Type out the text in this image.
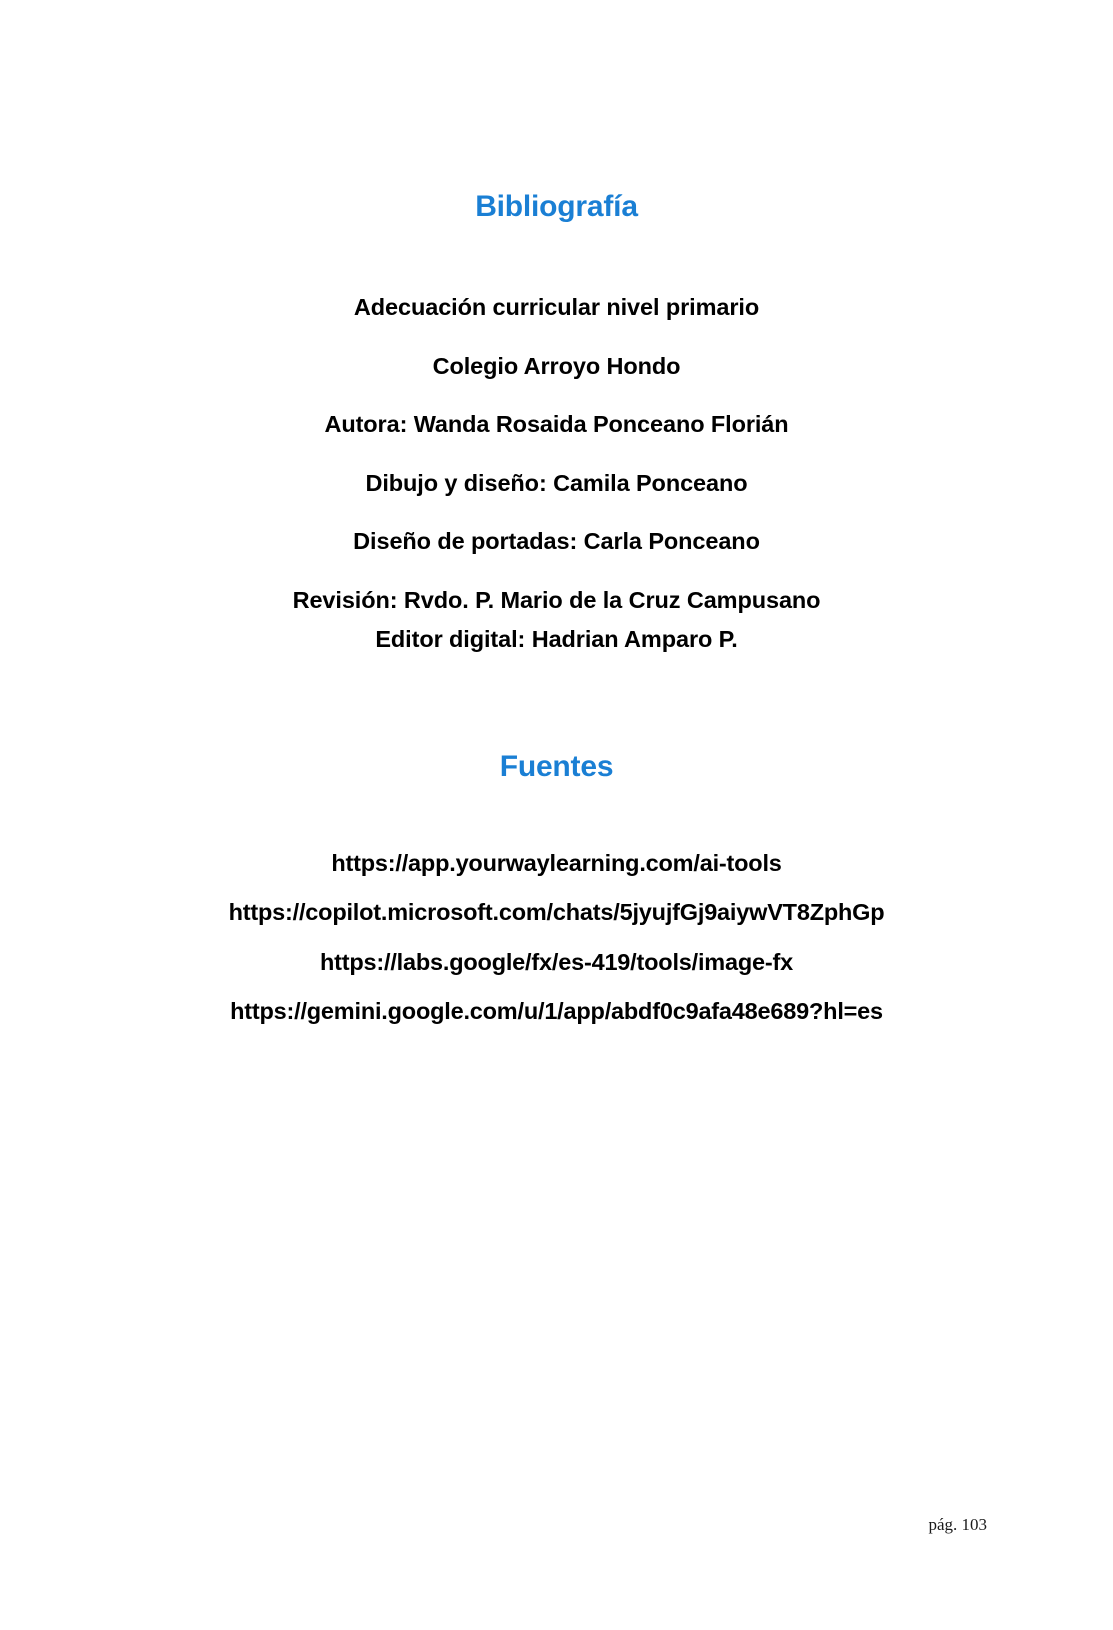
Bibliografía
Adecuación curricular nivel primario
Colegio Arroyo Hondo
Autora: Wanda Rosaida Ponceano Florián
Dibujo y diseño: Camila Ponceano
Diseño de portadas: Carla Ponceano
Revisión: Rvdo. P. Mario de la Cruz Campusano
Editor digital: Hadrian Amparo P.
Fuentes
https://app.yourwaylearning.com/ai-tools
https://copilot.microsoft.com/chats/5jyujfGj9aiywVT8ZphGp
https://labs.google/fx/es-419/tools/image-fx
https://gemini.google.com/u/1/app/abdf0c9afa48e689?hl=es
pág. 103
